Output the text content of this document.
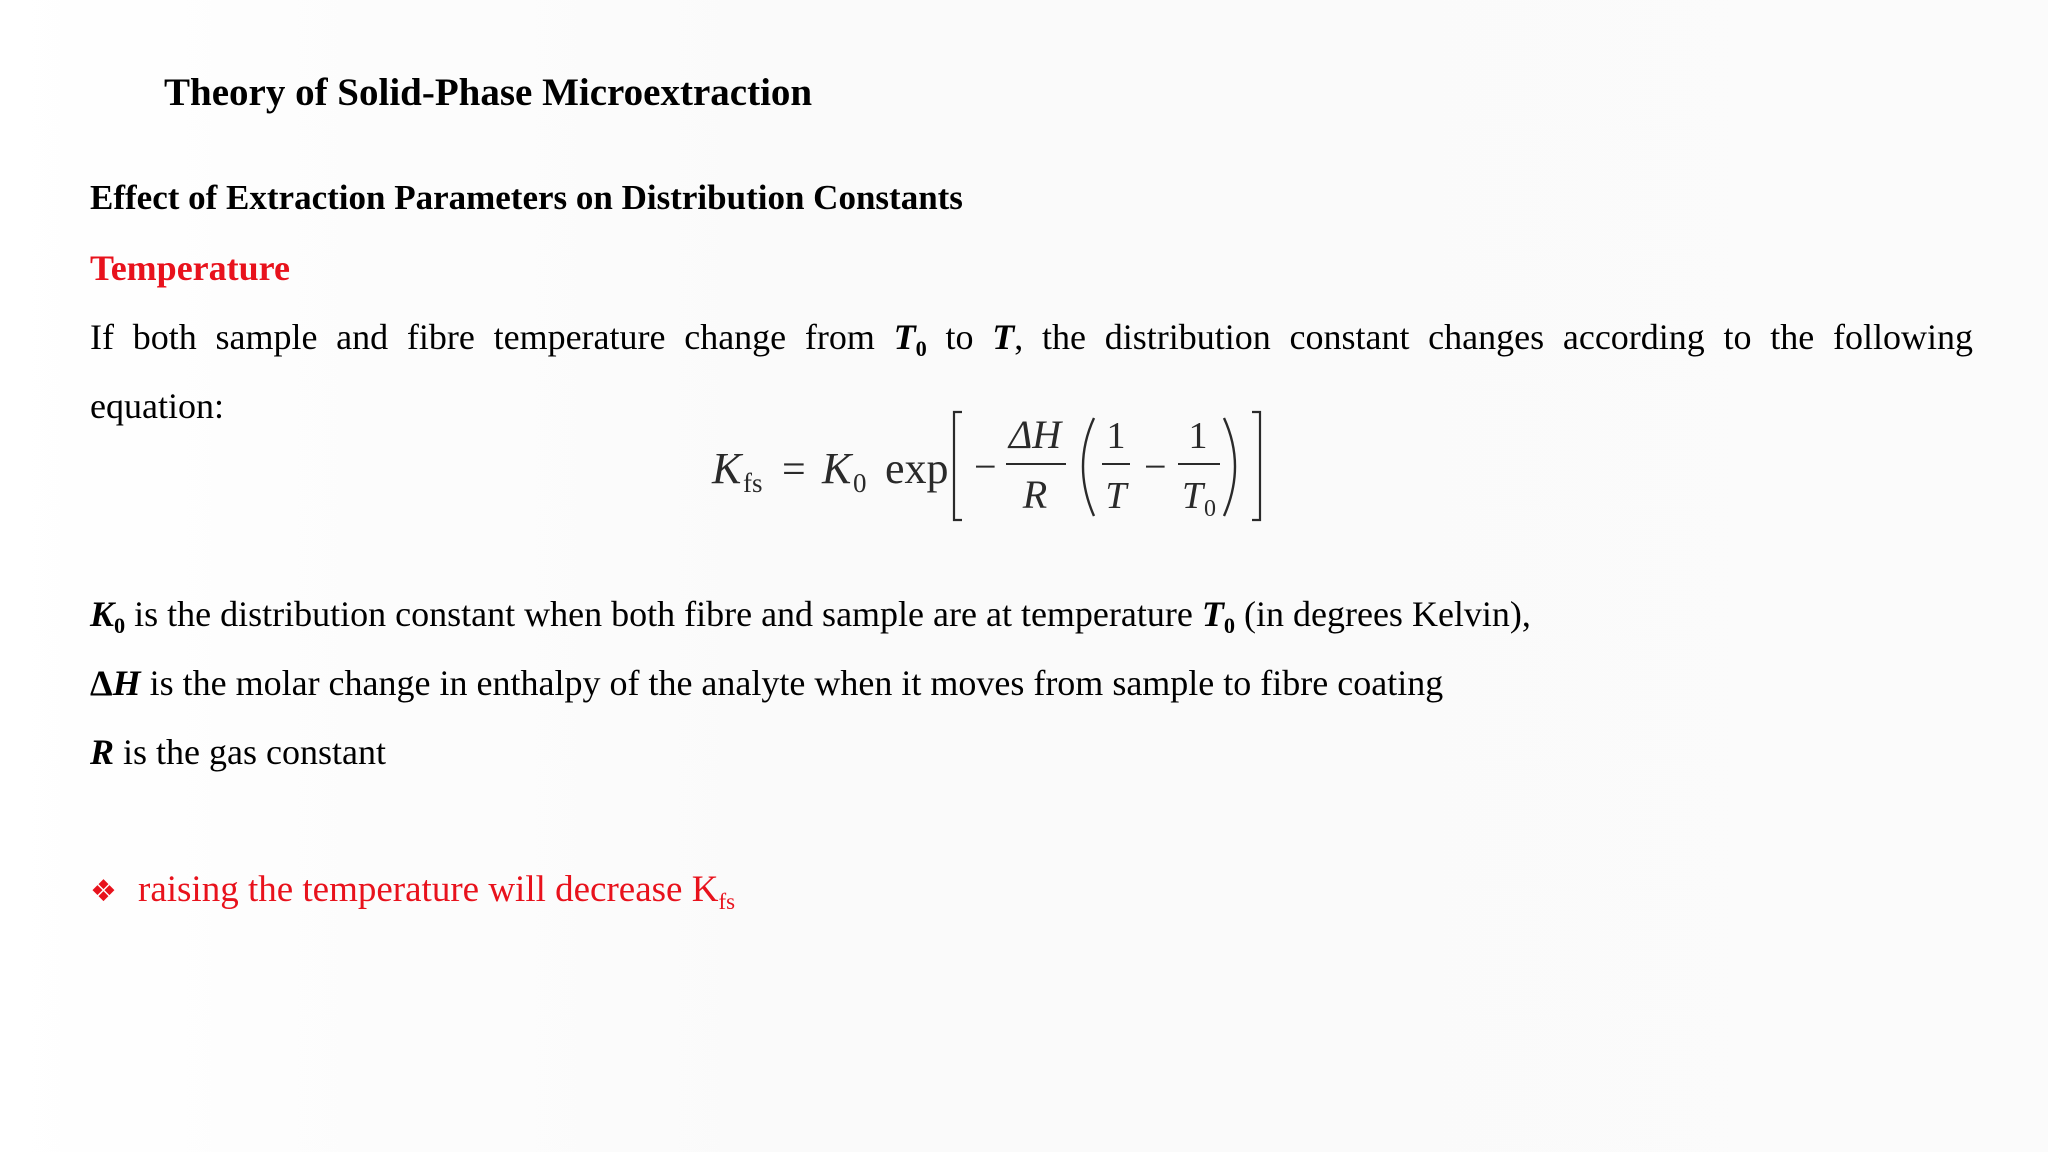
Theory of Solid-Phase Microextraction
Effect of Extraction Parameters on Distribution Constants
Temperature
If both sample and fibre temperature change from T0 to T, the distribution constant changes according to the following
equation:
K fs = K 0 exp −
ΔH
R
1
T
−
1
T 0
K0 is the distribution constant when both fibre and sample are at temperature T0 (in degrees Kelvin),
ΔH is the molar change in enthalpy of the analyte when it moves from sample to fibre coating
R is the gas constant
❖ raising the temperature will decrease $K_{fs}$
